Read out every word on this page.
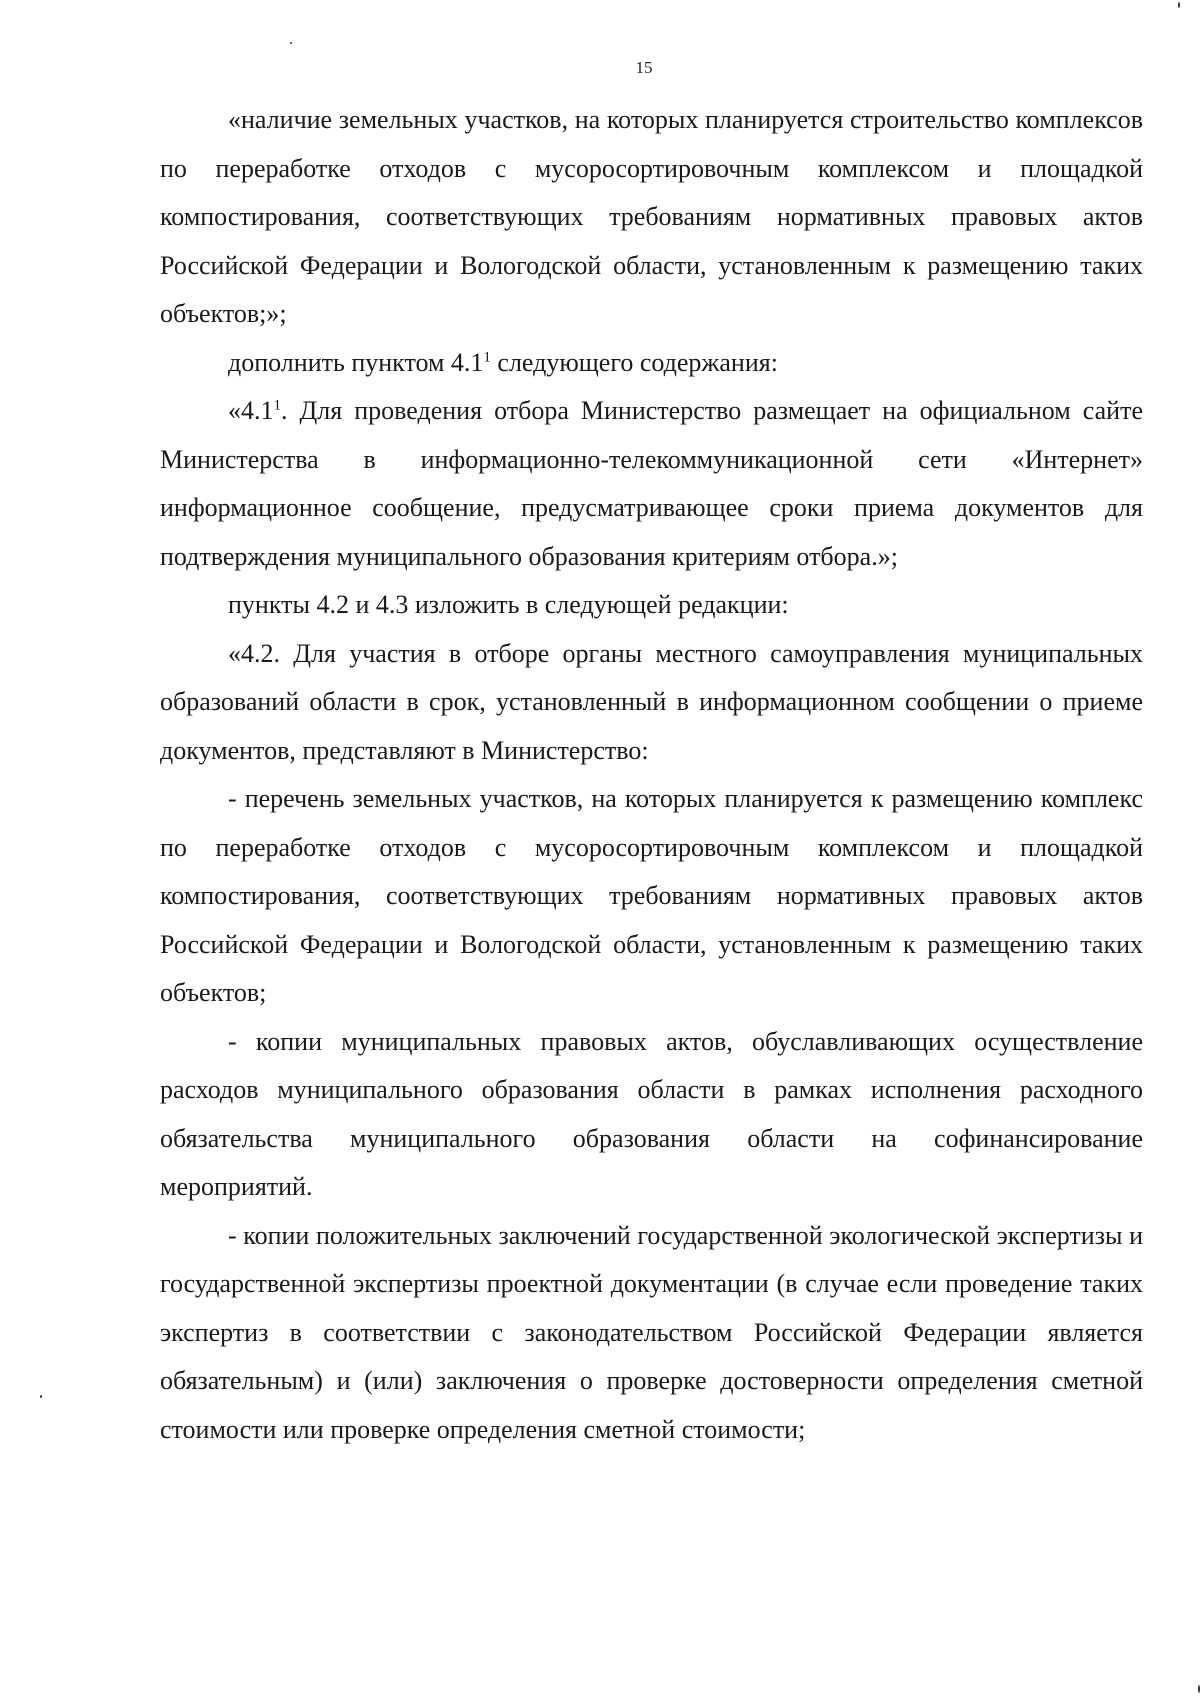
15

«наличие земельных участков, на которых планируется строительство комплексов по переработке отходов с мусоросортировочным комплексом и площадкой компостирования, соответствующих требованиям нормативных правовых актов Российской Федерации и Вологодской области, установленным к размещению таких объектов;»;

дополнить пунктом $4.1^1$ следующего содержания:

«$4.1^1$. Для проведения отбора Министерство размещает на официальном сайте Министерства в информационно-телекоммуникационной сети «Интернет» информационное сообщение, предусматривающее сроки приема документов для подтверждения муниципального образования критериям отбора.»;

пункты 4.2 и 4.3 изложить в следующей редакции:

«4.2. Для участия в отборе органы местного самоуправления муниципальных образований области в срок, установленный в информационном сообщении о приеме документов, представляют в Министерство:

- перечень земельных участков, на которых планируется к размещению комплекс по переработке отходов с мусоросортировочным комплексом и площадкой компостирования, соответствующих требованиям нормативных правовых актов Российской Федерации и Вологодской области, установленным к размещению таких объектов;

- копии муниципальных правовых актов, обуславливающих осуществление расходов муниципального образования области в рамках исполнения расходного обязательства муниципального образования области на софинансирование мероприятий.

- копии положительных заключений государственной экологической экспертизы и государственной экспертизы проектной документации (в случае если проведение таких экспертиз в соответствии с законодательством Российской Федерации является обязательным) и (или) заключения о проверке достоверности определения сметной стоимости или проверке определения сметной стоимости;
